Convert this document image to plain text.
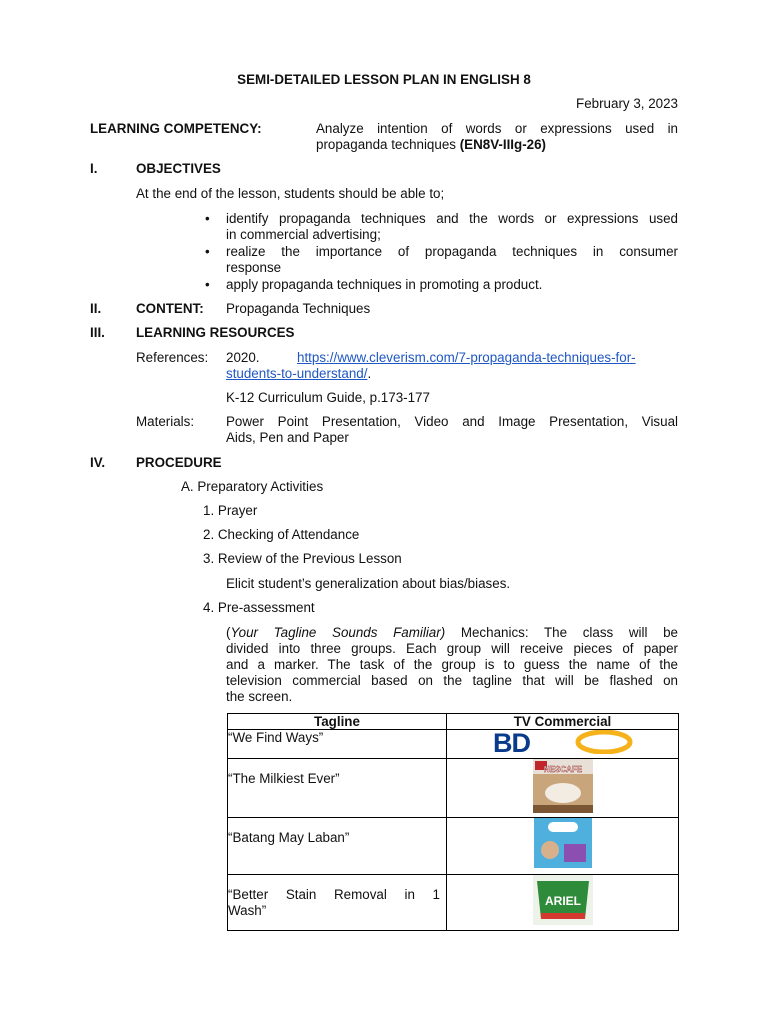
SEMI-DETAILED LESSON PLAN IN ENGLISH 8
February 3, 2023
LEARNING COMPETENCY:	Analyze intention of words or expressions used in
propaganda techniques (EN8V-IIIg-26)
I.	OBJECTIVES
At the end of the lesson, students should be able to;
• identify propaganda techniques and the words or expressions used
in commercial advertising;
• realize the importance of propaganda techniques in consumer
response
• apply propaganda techniques in promoting a product.
II.	CONTENT: Propaganda Techniques
III. LEARNING RESOURCES
References: 2020.	https://www.cleverism.com/7-propaganda-techniques-for-
students-to-understand/.
K-12 Curriculum Guide, p.173-177
Materials: Power Point Presentation, Video and Image Presentation, Visual
Aids, Pen and Paper
IV. PROCEDURE
A. Preparatory Activities
1. Prayer
2. Checking of Attendance
3. Review of the Previous Lesson
Elicit student’s generalization about bias/biases.
4. Pre-assessment
(Your Tagline Sounds Familiar) Mechanics: The class will be
divided into three groups. Each group will receive pieces of paper
and a marker. The task of the group is to guess the name of the
television commercial based on the tagline that will be flashed on
the screen.
Tagline	TV Commercial
“We Find Ways”	BD

“The Milkiest Ever”	NESCAFE

“Batang May Laban”	

“Better Stain Removal in 1
Wash”	ARIEL
